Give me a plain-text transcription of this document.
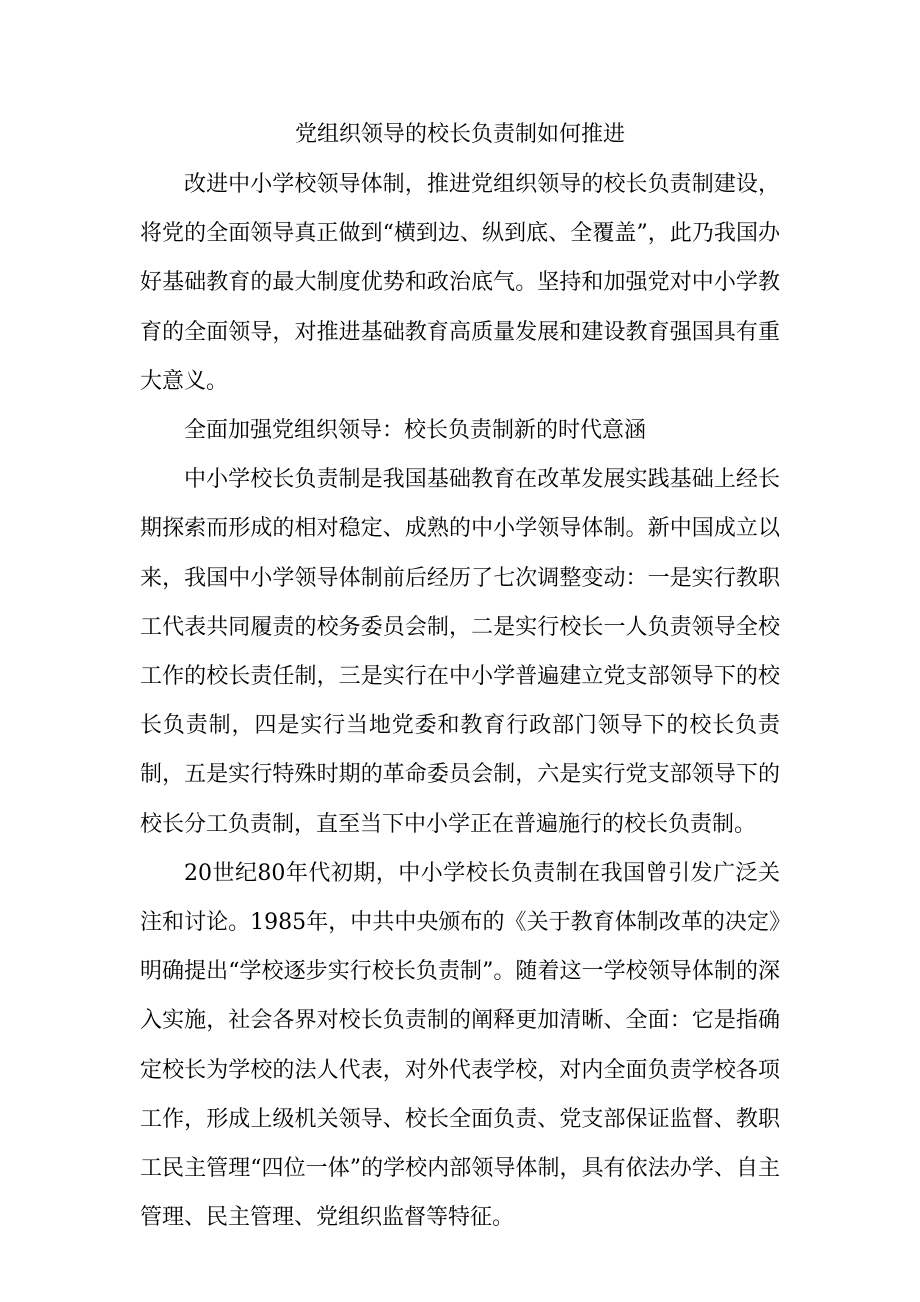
党组织领导的校长负责制如何推进

改进中小学校领导体制，推进党组织领导的校长负责制建设，将党的全面领导真正做到“横到边、纵到底、全覆盖”，此乃我国办好基础教育的最大制度优势和政治底气。坚持和加强党对中小学教育的全面领导，对推进基础教育高质量发展和建设教育强国具有重大意义。

全面加强党组织领导：校长负责制新的时代意涵

中小学校长负责制是我国基础教育在改革发展实践基础上经长期探索而形成的相对稳定、成熟的中小学领导体制。新中国成立以来，我国中小学领导体制前后经历了七次调整变动：一是实行教职工代表共同履责的校务委员会制，二是实行校长一人负责领导全校工作的校长责任制，三是实行在中小学普遍建立党支部领导下的校长负责制，四是实行当地党委和教育行政部门领导下的校长负责制，五是实行特殊时期的革命委员会制，六是实行党支部领导下的校长分工负责制，直至当下中小学正在普遍施行的校长负责制。

20世纪80年代初期，中小学校长负责制在我国曾引发广泛关注和讨论。1985年，中共中央颁布的《关于教育体制改革的决定》明确提出“学校逐步实行校长负责制”。随着这一学校领导体制的深入实施，社会各界对校长负责制的阐释更加清晰、全面：它是指确定校长为学校的法人代表，对外代表学校，对内全面负责学校各项工作，形成上级机关领导、校长全面负责、党支部保证监督、教职工民主管理“四位一体”的学校内部领导体制，具有依法办学、自主管理、民主管理、党组织监督等特征。
